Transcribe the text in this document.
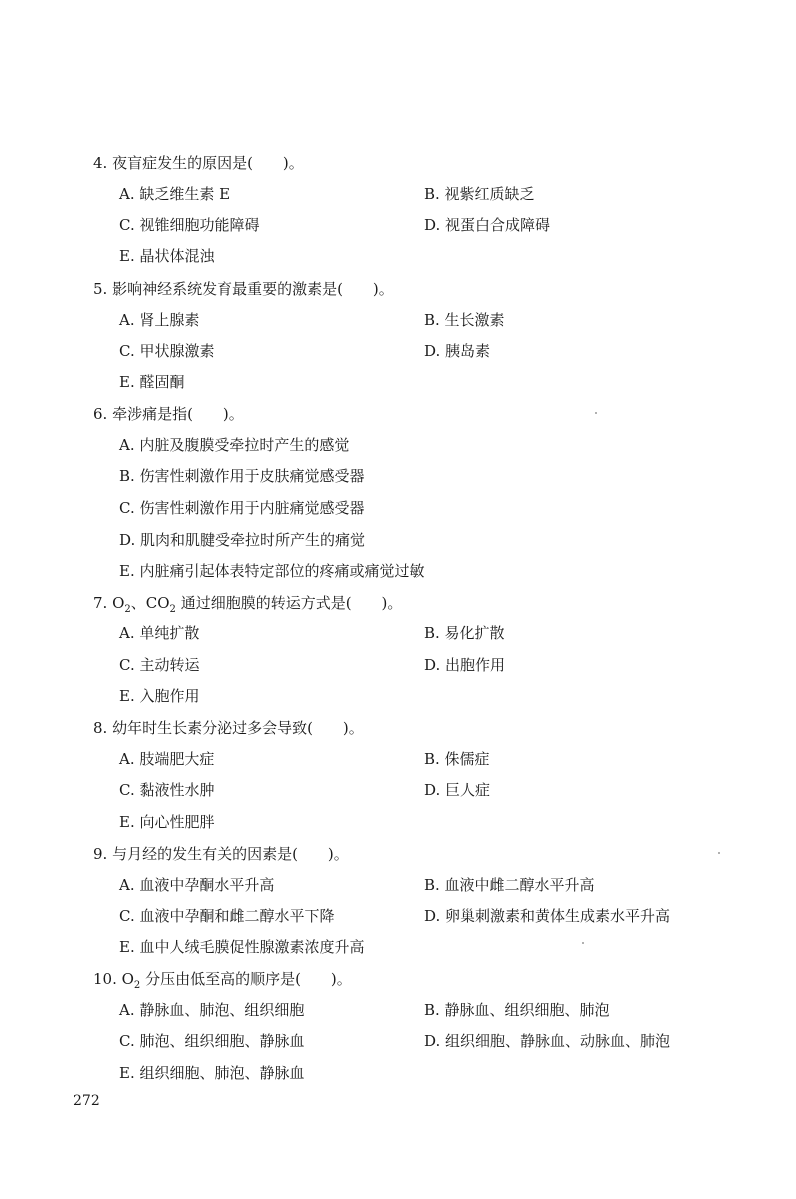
4. 夜盲症发生的原因是(　　)。
A. 缺乏维生素 E	B. 视紫红质缺乏
C. 视锥细胞功能障碍	D. 视蛋白合成障碍
E. 晶状体混浊
5. 影响神经系统发育最重要的激素是(　　)。
A. 肾上腺素	B. 生长激素
C. 甲状腺激素	D. 胰岛素
E. 醛固酮
6. 牵涉痛是指(　　)。
A. 内脏及腹膜受牵拉时产生的感觉
B. 伤害性刺激作用于皮肤痛觉感受器
C. 伤害性刺激作用于内脏痛觉感受器
D. 肌肉和肌腱受牵拉时所产生的痛觉
E. 内脏痛引起体表特定部位的疼痛或痛觉过敏
7. $O_2$、$CO_2$ 通过细胞膜的转运方式是(　　)。
A. 单纯扩散	B. 易化扩散
C. 主动转运	D. 出胞作用
E. 入胞作用
8. 幼年时生长素分泌过多会导致(　　)。
A. 肢端肥大症	B. 侏儒症
C. 黏液性水肿	D. 巨人症
E. 向心性肥胖
9. 与月经的发生有关的因素是(　　)。
A. 血液中孕酮水平升高	B. 血液中雌二醇水平升高
C. 血液中孕酮和雌二醇水平下降	D. 卵巢刺激素和黄体生成素水平升高
E. 血中人绒毛膜促性腺激素浓度升高
10. $O_2$ 分压由低至高的顺序是(　　)。
A. 静脉血、肺泡、组织细胞	B. 静脉血、组织细胞、肺泡
C. 肺泡、组织细胞、静脉血	D. 组织细胞、静脉血、动脉血、肺泡
E. 组织细胞、肺泡、静脉血
272
